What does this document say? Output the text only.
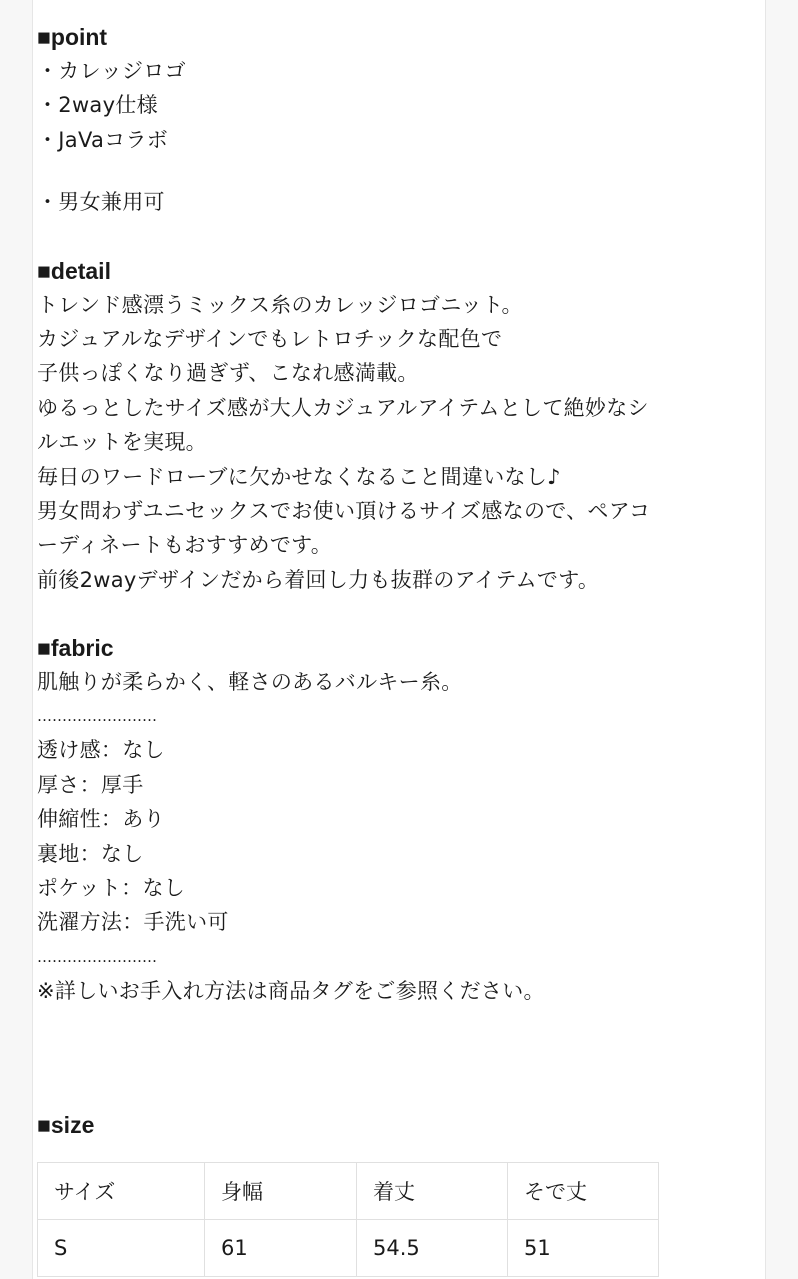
■point
・カレッジロゴ
・2way仕様
・JaVaコラボ
・男女兼用可
■detail
トレンド感漂うミックス糸のカレッジロゴニット。
カジュアルなデザインでもレトロチックな配色で
子供っぽくなり過ぎず、こなれ感満載。
ゆるっとしたサイズ感が大人カジュアルアイテムとして絶妙なシ
ルエットを実現。
毎日のワードローブに欠かせなくなること間違いなし♪
男女問わずユニセックスでお使い頂けるサイズ感なので、ペアコ
ーディネートもおすすめです。
前後2wayデザインだから着回し力も抜群のアイテムです。
■fabric
肌触りが柔らかく、軽さのあるバルキー糸。
……………………
透け感：なし
厚さ：厚手
伸縮性：あり
裏地：なし
ポケット：なし
洗濯方法：手洗い可
……………………
※詳しいお手入れ方法は商品タグをご参照ください。
■size
サイズ	身幅	着丈	そで丈
S	61	54.5	51
